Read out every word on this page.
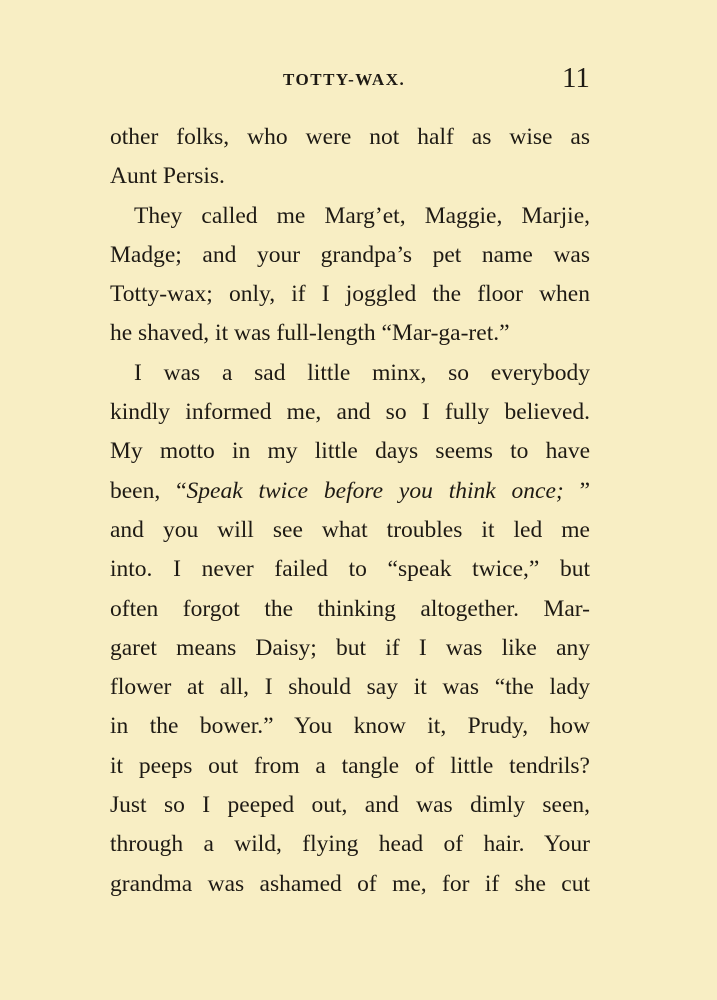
TOTTY-WAX.	11
other folks, who were not half as wise as
Aunt Persis.
They called me Marg’et, Maggie, Marjie,
Madge; and your grandpa’s pet name was
Totty-wax; only, if I joggled the floor when
he shaved, it was full-length “Mar-ga-ret.”
I was a sad little minx, so everybody
kindly informed me, and so I fully believed.
My motto in my little days seems to have
been, “Speak twice before you think once; ”
and you will see what troubles it led me
into. I never failed to “speak twice,” but
often forgot the thinking altogether. Mar-
garet means Daisy; but if I was like any
flower at all, I should say it was “the lady
in the bower.” You know it, Prudy, how
it peeps out from a tangle of little tendrils?
Just so I peeped out, and was dimly seen,
through a wild, flying head of hair. Your
grandma was ashamed of me, for if she cut
